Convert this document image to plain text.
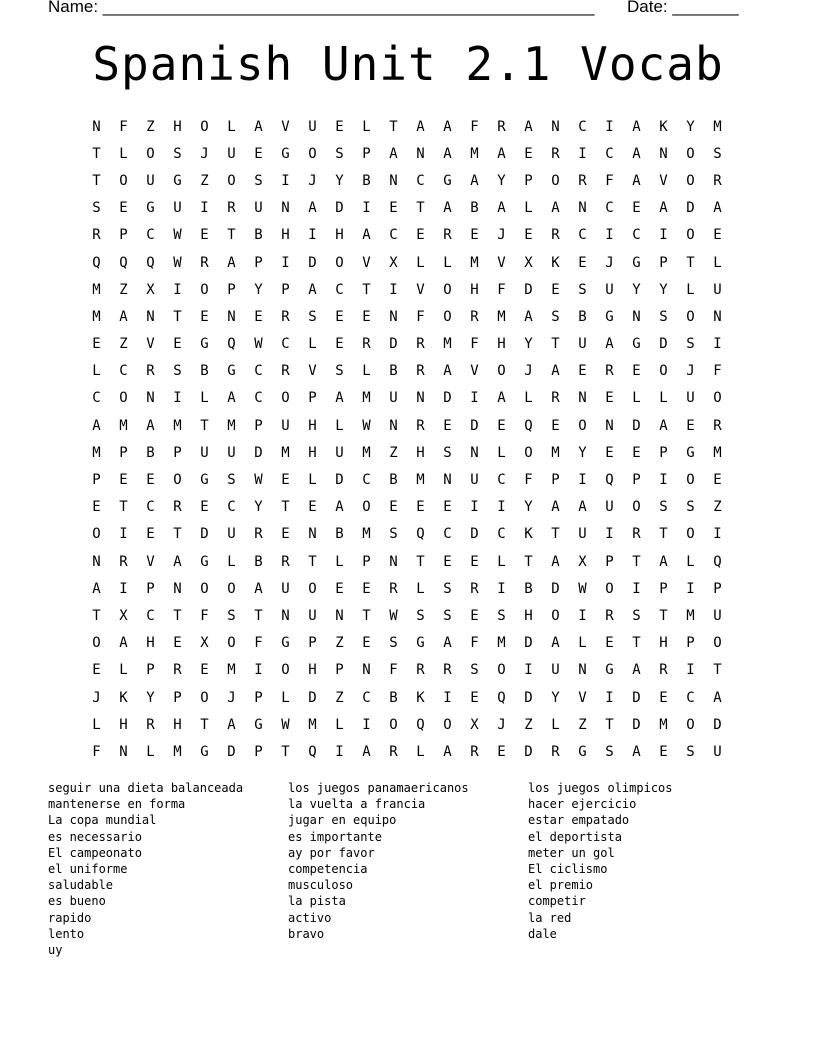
Name: ____________________________________________________ Date: _______
Spanish Unit 2.1 Vocab
N	F	Z	H	O	L	A	V	U	E	L	T	A	A	F	R	A	N	C	I	A	K	Y	M
T	L	O	S	J	U	E	G	O	S	P	A	N	A	M	A	E	R	I	C	A	N	O	S
T	O	U	G	Z	O	S	I	J	Y	B	N	C	G	A	Y	P	O	R	F	A	V	O	R
S	E	G	U	I	R	U	N	A	D	I	E	T	A	B	A	L	A	N	C	E	A	D	A
R	P	C	W	E	T	B	H	I	H	A	C	E	R	E	J	E	R	C	I	C	I	O	E
Q	Q	Q	W	R	A	P	I	D	O	V	X	L	L	M	V	X	K	E	J	G	P	T	L
M	Z	X	I	O	P	Y	P	A	C	T	I	V	O	H	F	D	E	S	U	Y	Y	L	U
M	A	N	T	E	N	E	R	S	E	E	N	F	O	R	M	A	S	B	G	N	S	O	N
E	Z	V	E	G	Q	W	C	L	E	R	D	R	M	F	H	Y	T	U	A	G	D	S	I
L	C	R	S	B	G	C	R	V	S	L	B	R	A	V	O	J	A	E	R	E	O	J	F
C	O	N	I	L	A	C	O	P	A	M	U	N	D	I	A	L	R	N	E	L	L	U	O
A	M	A	M	T	M	P	U	H	L	W	N	R	E	D	E	Q	E	O	N	D	A	E	R
M	P	B	P	U	U	D	M	H	U	M	Z	H	S	N	L	O	M	Y	E	E	P	G	M
P	E	E	O	G	S	W	E	L	D	C	B	M	N	U	C	F	P	I	Q	P	I	O	E
E	T	C	R	E	C	Y	T	E	A	O	E	E	E	I	I	Y	A	A	U	O	S	S	Z
O	I	E	T	D	U	R	E	N	B	M	S	Q	C	D	C	K	T	U	I	R	T	O	I
N	R	V	A	G	L	B	R	T	L	P	N	T	E	E	L	T	A	X	P	T	A	L	Q
A	I	P	N	O	O	A	U	O	E	E	R	L	S	R	I	B	D	W	O	I	P	I	P
T	X	C	T	F	S	T	N	U	N	T	W	S	S	E	S	H	O	I	R	S	T	M	U
O	A	H	E	X	O	F	G	P	Z	E	S	G	A	F	M	D	A	L	E	T	H	P	O
E	L	P	R	E	M	I	O	H	P	N	F	R	R	S	O	I	U	N	G	A	R	I	T
J	K	Y	P	O	J	P	L	D	Z	C	B	K	I	E	Q	D	Y	V	I	D	E	C	A
L	H	R	H	T	A	G	W	M	L	I	O	Q	O	X	J	Z	L	Z	T	D	M	O	D
F	N	L	M	G	D	P	T	Q	I	A	R	L	A	R	E	D	R	G	S	A	E	S	U
seguir una dieta balanceada
mantenerse en forma
La copa mundial
es necessario
El campeonato
el uniforme
saludable
es bueno
rapido
lento
uy
los juegos panamaericanos
la vuelta a francia
jugar en equipo
es importante
ay por favor
competencia
musculoso
la pista
activo
bravo
los juegos olimpicos
hacer ejercicio
estar empatado
el deportista
meter un gol
El ciclismo
el premio
competir
la red
dale
